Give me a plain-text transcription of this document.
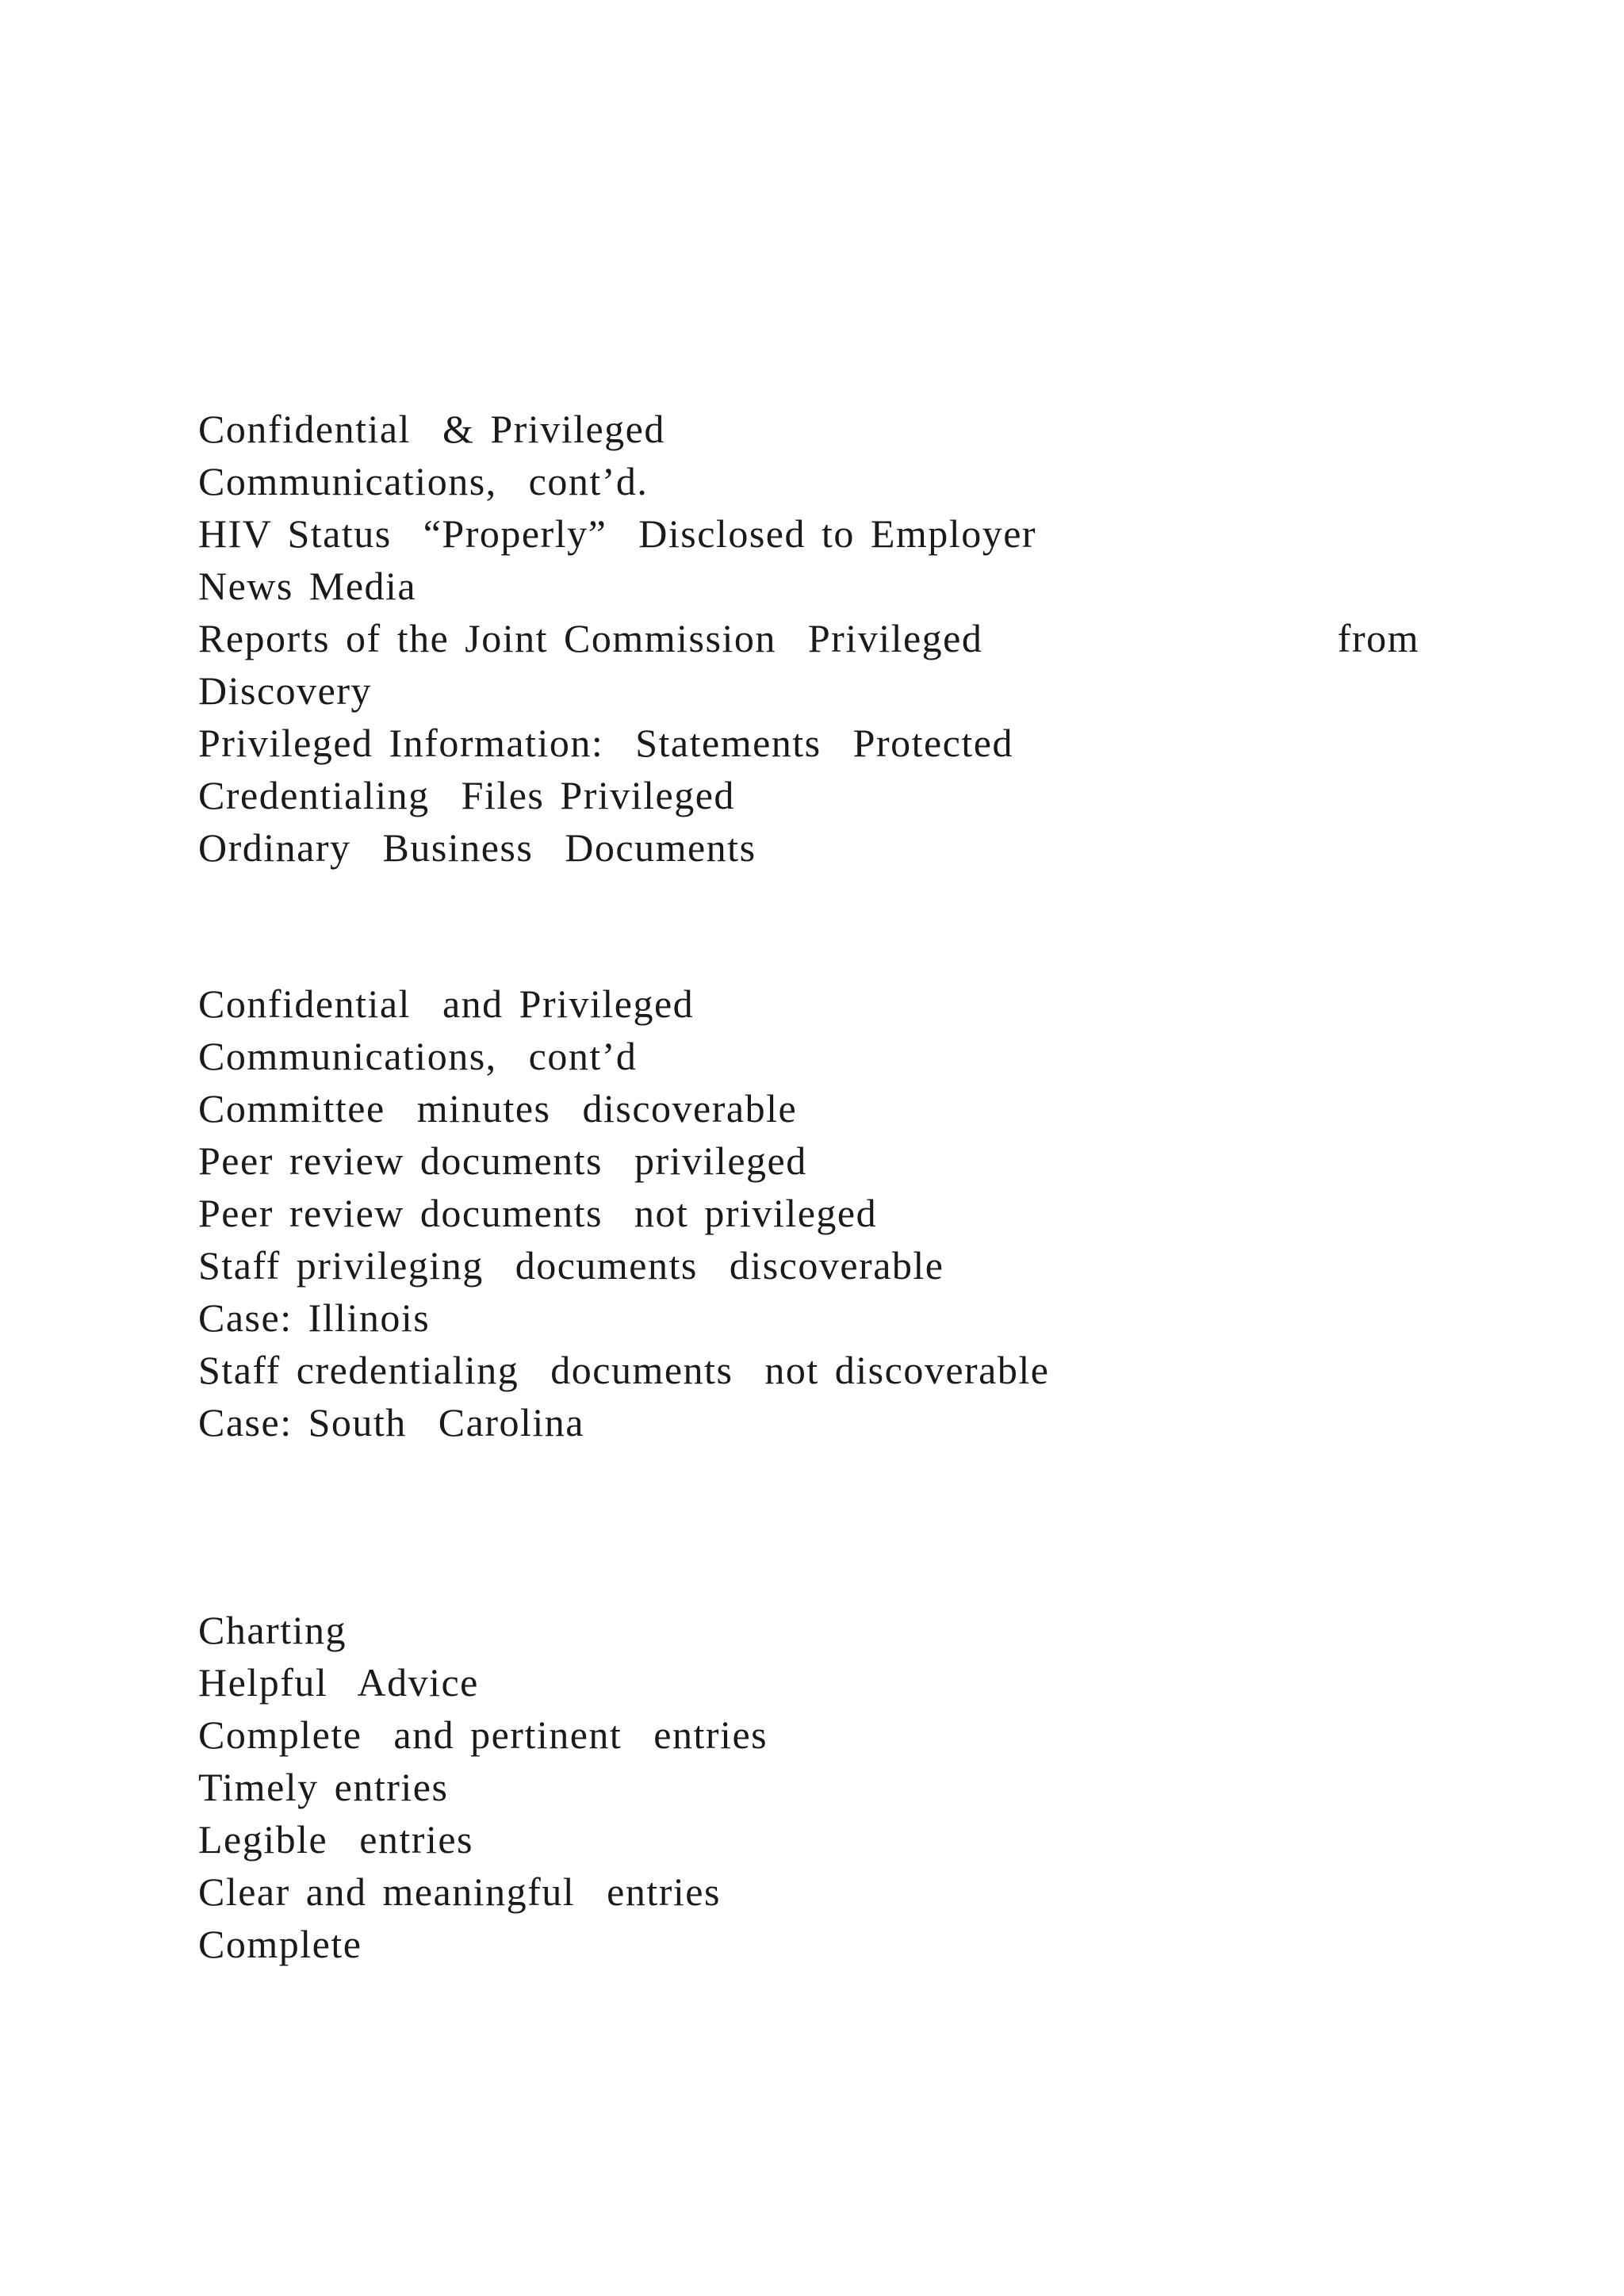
Confidential  & Privileged
Communications,  cont’d.
HIV Status  “Properly”  Disclosed to Employer
News Media
Reports of the Joint Commission  Privileged	from
Discovery
Privileged Information:  Statements  Protected
Credentialing  Files Privileged
Ordinary  Business  Documents
Confidential  and Privileged
Communications,  cont’d
Committee  minutes  discoverable
Peer review documents  privileged
Peer review documents  not privileged
Staff privileging  documents  discoverable
Case: Illinois
Staff credentialing  documents  not discoverable
Case: South  Carolina
Charting
Helpful  Advice
Complete  and pertinent  entries
Timely entries
Legible  entries
Clear and meaningful  entries
Complete
